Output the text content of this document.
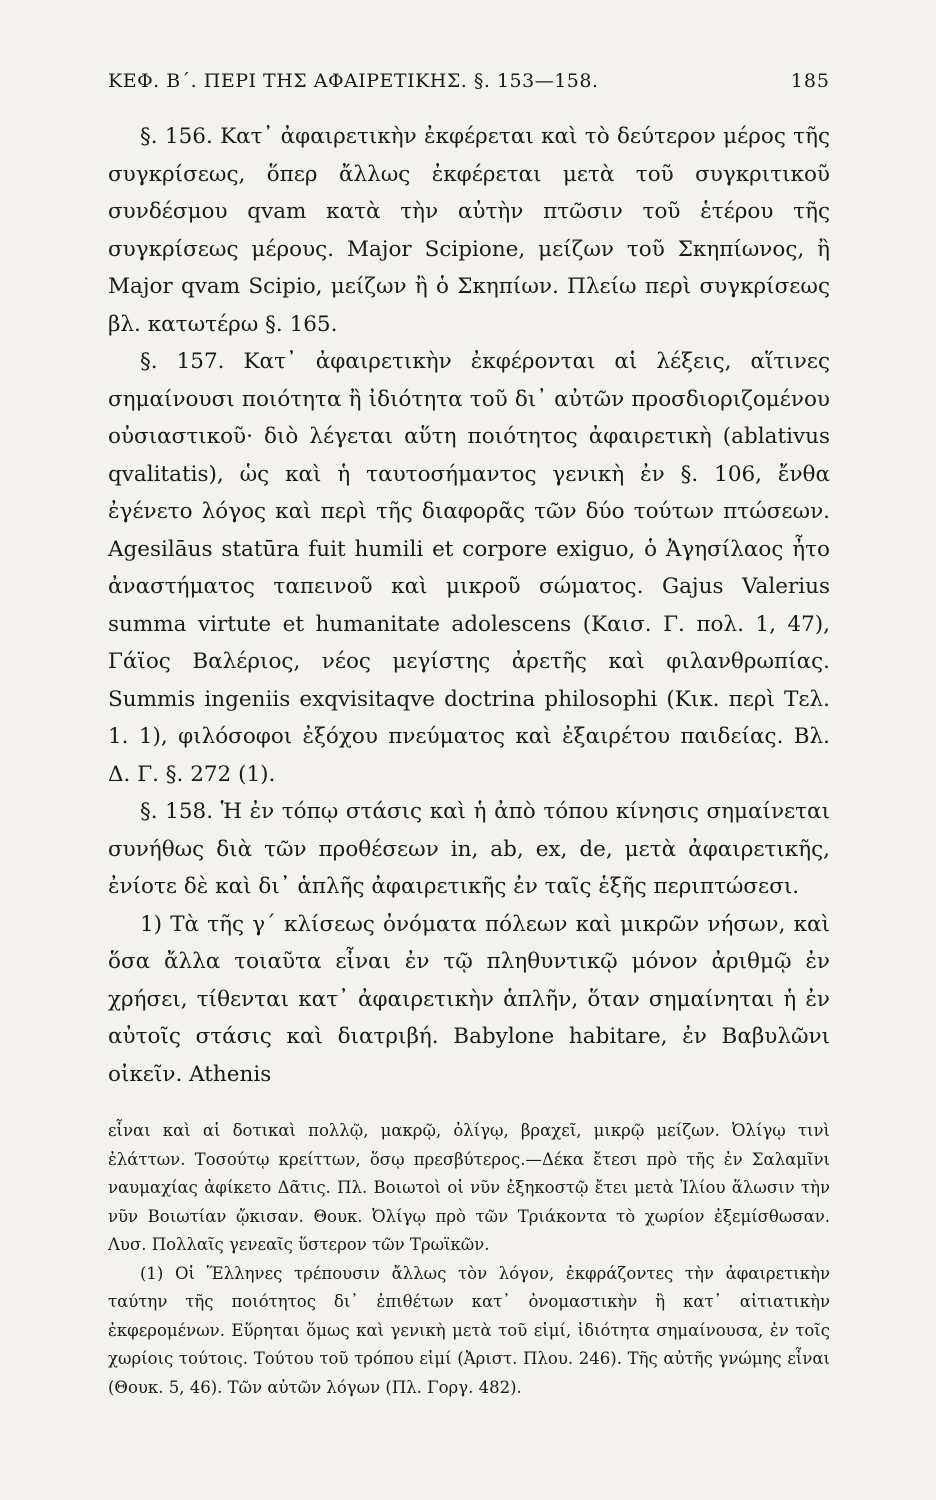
ΚΕΦ. Β΄. ΠΕΡΙ ΤΗΣ ΑΦΑΙΡΕΤΙΚΗΣ. §. 153—158.	185

§. 156. Κατ᾽ ἀφαιρετικὴν ἐκφέρεται καὶ τὸ δεύτερον μέρος τῆς συγκρίσεως, ὅπερ ἄλλως ἐκφέρεται μετὰ τοῦ συγκριτικοῦ συνδέσμου qvam κατὰ τὴν αὐτὴν πτῶσιν τοῦ ἑτέρου τῆς συγκρίσεως μέρους. Major Scipione, μείζων τοῦ Σκηπίωνος, ἢ Major qvam Scipio, μείζων ἢ ὁ Σκηπίων. Πλείω περὶ συγκρίσεως βλ. κατωτέρω §. 165.

§. 157. Κατ᾽ ἀφαιρετικὴν ἐκφέρονται αἱ λέξεις, αἵτινες σημαίνουσι ποιότητα ἢ ἰδιότητα τοῦ δι᾽ αὐτῶν προσδιοριζομένου οὐσιαστικοῦ· διὸ λέγεται αὕτη ποιότητος ἀφαιρετικὴ (ablativus qvalitatis), ὡς καὶ ἡ ταυτοσήμαντος γενικὴ ἐν §. 106, ἔνθα ἐγένετο λόγος καὶ περὶ τῆς διαφορᾶς τῶν δύο τούτων πτώσεων. Agesilāus statūra fuit humili et corpore exiguo, ὁ Ἀγησίλαος ἦτο ἀναστήματος ταπεινοῦ καὶ μικροῦ σώματος. Gajus Valerius summa virtute et humanitate adolescens (Καισ. Γ. πολ. 1, 47), Γάϊος Βαλέριος, νέος μεγίστης ἀρετῆς καὶ φιλανθρωπίας. Summis ingeniis exqvisitaqve doctrina philosophi (Κικ. περὶ Τελ. 1. 1), φιλόσοφοι ἐξόχου πνεύματος καὶ ἐξαιρέτου παιδείας. Βλ. Δ. Γ. §. 272 (1).

§. 158. Ἡ ἐν τόπῳ στάσις καὶ ἡ ἀπὸ τόπου κίνησις σημαίνεται συνήθως διὰ τῶν προθέσεων in, ab, ex, de, μετὰ ἀφαιρετικῆς, ἐνίοτε δὲ καὶ δι᾽ ἁπλῆς ἀφαιρετικῆς ἐν ταῖς ἑξῆς περιπτώσεσι.

1) Τὰ τῆς γ΄ κλίσεως ὀνόματα πόλεων καὶ μικρῶν νήσων, καὶ ὅσα ἄλλα τοιαῦτα εἶναι ἐν τῷ πληθυντικῷ μόνον ἀριθμῷ ἐν χρήσει, τίθενται κατ᾽ ἀφαιρετικὴν ἁπλῆν, ὅταν σημαίνηται ἡ ἐν αὐτοῖς στάσις καὶ διατριβή. Babylone habitare, ἐν Βαβυλῶνι οἰκεῖν. Athenis

εἶναι καὶ αἱ δοτικαὶ πολλῷ, μακρῷ, ὀλίγῳ, βραχεῖ, μικρῷ μείζων. Ὀλίγῳ τινὶ ἐλάττων. Τοσούτῳ κρείττων, ὅσῳ πρεσβύτερος.—Δέκα ἔτεσι πρὸ τῆς ἐν Σαλαμῖνι ναυμαχίας ἀφίκετο Δᾶτις. Πλ. Βοιωτοὶ οἱ νῦν ἑξηκοστῷ ἔτει μετὰ Ἰλίου ἅλωσιν τὴν νῦν Βοιωτίαν ᾤκισαν. Θουκ. Ὀλίγῳ πρὸ τῶν Τριάκοντα τὸ χωρίον ἐξεμίσθωσαν. Λυσ. Πολλαῖς γενεαῖς ὕστερον τῶν Τρωϊκῶν.

(1) Οἱ Ἕλληνες τρέπουσιν ἄλλως τὸν λόγον, ἐκφράζοντες τὴν ἀφαιρετικὴν ταύτην τῆς ποιότητος δι᾽ ἐπιθέτων κατ᾽ ὀνομαστικὴν ἢ κατ᾽ αἰτιατικὴν ἐκφερομένων. Εὕρηται ὅμως καὶ γενικὴ μετὰ τοῦ εἰμί, ἰδιότητα σημαίνουσα, ἐν τοῖς χωρίοις τούτοις. Τούτου τοῦ τρόπου εἰμί (Ἀριστ. Πλου. 246). Τῆς αὐτῆς γνώμης εἶναι (Θουκ. 5, 46). Τῶν αὐτῶν λόγων (Πλ. Γοργ. 482).
